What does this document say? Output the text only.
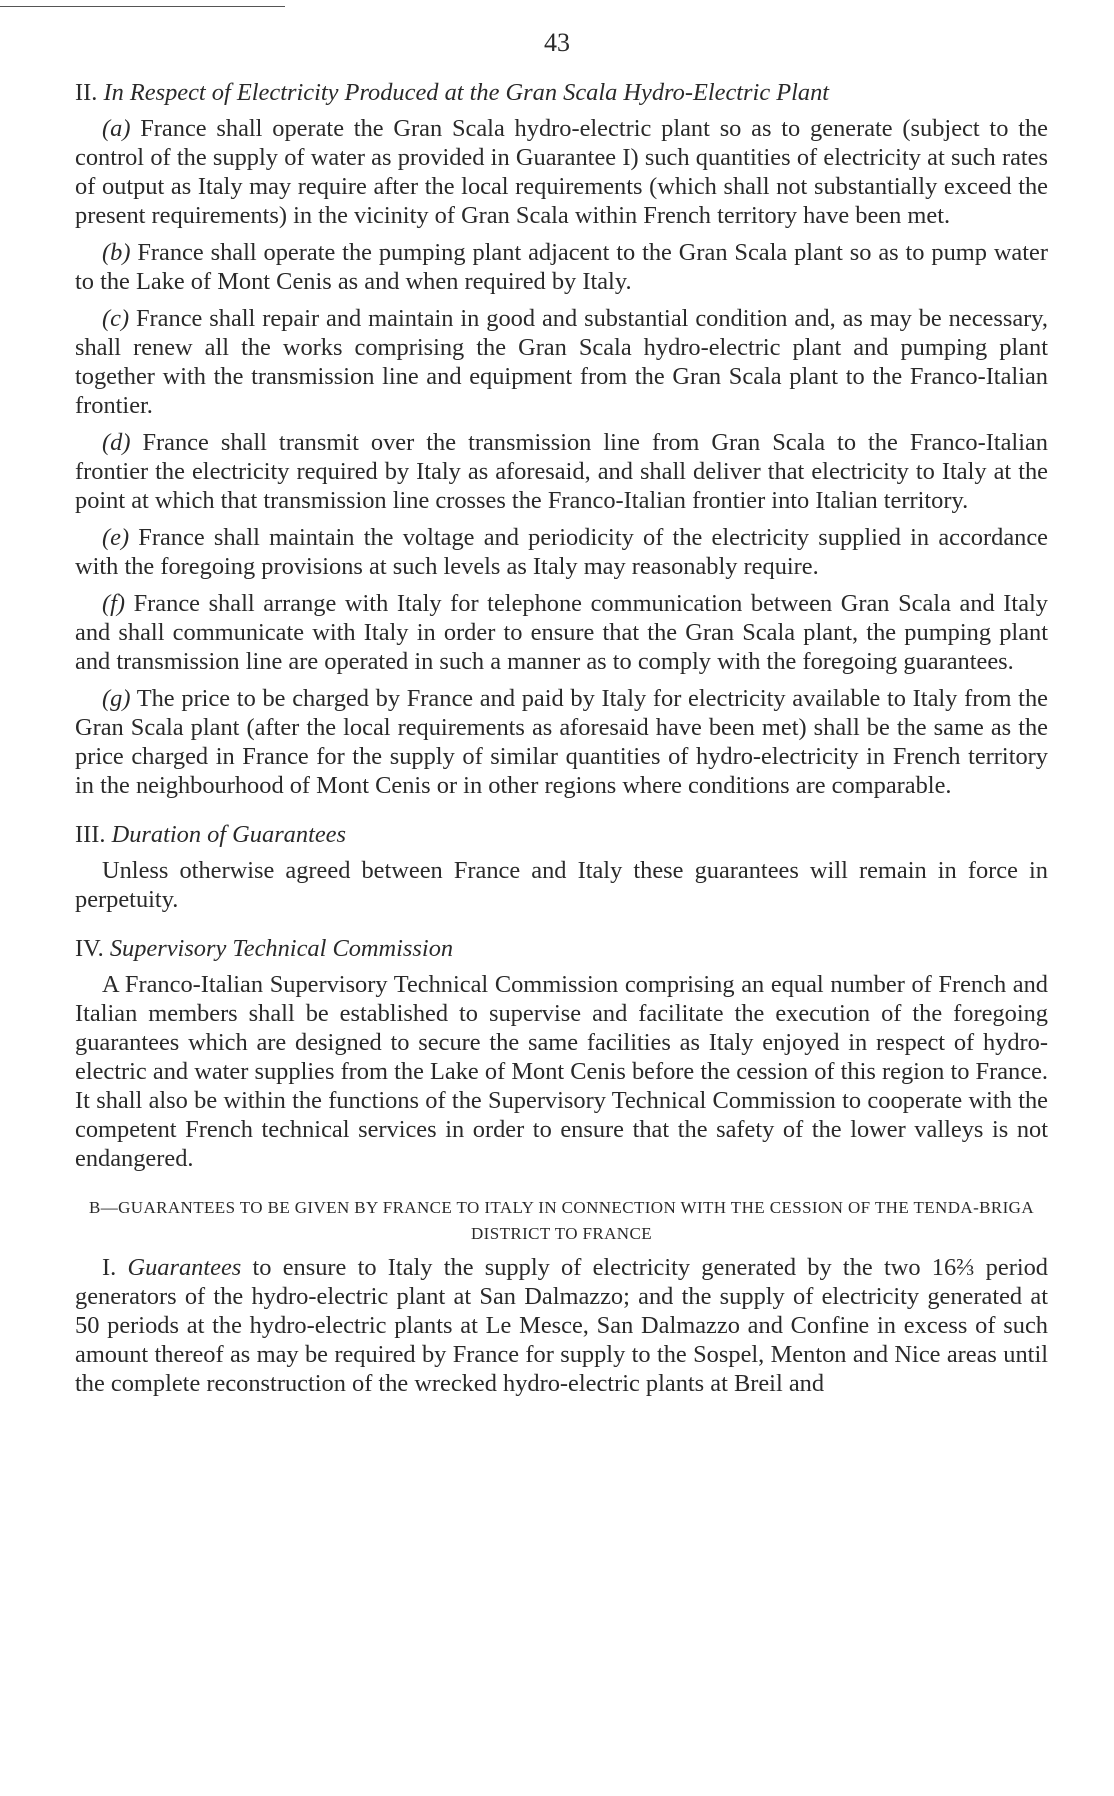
43

II. In Respect of Electricity Produced at the Gran Scala Hydro-Electric Plant

(a) France shall operate the Gran Scala hydro-electric plant so as to generate (subject to the control of the supply of water as provided in Guarantee I) such quantities of electricity at such rates of output as Italy may require after the local requirements (which shall not substantially exceed the present requirements) in the vicinity of Gran Scala within French territory have been met.

(b) France shall operate the pumping plant adjacent to the Gran Scala plant so as to pump water to the Lake of Mont Cenis as and when required by Italy.

(c) France shall repair and maintain in good and substantial condition and, as may be necessary, shall renew all the works comprising the Gran Scala hydro-electric plant and pumping plant together with the transmission line and equipment from the Gran Scala plant to the Franco-Italian frontier.

(d) France shall transmit over the transmission line from Gran Scala to the Franco-Italian frontier the electricity required by Italy as aforesaid, and shall deliver that electricity to Italy at the point at which that transmission line crosses the Franco-Italian frontier into Italian territory.

(e) France shall maintain the voltage and periodicity of the electricity supplied in accordance with the foregoing provisions at such levels as Italy may reasonably require.

(f) France shall arrange with Italy for telephone communication between Gran Scala and Italy and shall communicate with Italy in order to ensure that the Gran Scala plant, the pumping plant and transmission line are operated in such a manner as to comply with the foregoing guarantees.

(g) The price to be charged by France and paid by Italy for electricity available to Italy from the Gran Scala plant (after the local requirements as aforesaid have been met) shall be the same as the price charged in France for the supply of similar quantities of hydro-electricity in French territory in the neighbourhood of Mont Cenis or in other regions where conditions are comparable.

III. Duration of Guarantees

Unless otherwise agreed between France and Italy these guarantees will remain in force in perpetuity.

IV. Supervisory Technical Commission

A Franco-Italian Supervisory Technical Commission comprising an equal number of French and Italian members shall be established to supervise and facilitate the execution of the foregoing guarantees which are designed to secure the same facilities as Italy enjoyed in respect of hydro-electric and water supplies from the Lake of Mont Cenis before the cession of this region to France. It shall also be within the functions of the Supervisory Technical Commission to cooperate with the competent French technical services in order to ensure that the safety of the lower valleys is not endangered.

B—GUARANTEES TO BE GIVEN BY FRANCE TO ITALY IN CONNECTION WITH THE CESSION OF THE TENDA-BRIGA DISTRICT TO FRANCE

I. Guarantees to ensure to Italy the supply of electricity generated by the two 16⅔ period generators of the hydro-electric plant at San Dalmazzo; and the supply of electricity generated at 50 periods at the hydro-electric plants at Le Mesce, San Dalmazzo and Confine in excess of such amount thereof as may be required by France for supply to the Sospel, Menton and Nice areas until the complete reconstruction of the wrecked hydro-electric plants at Breil and
